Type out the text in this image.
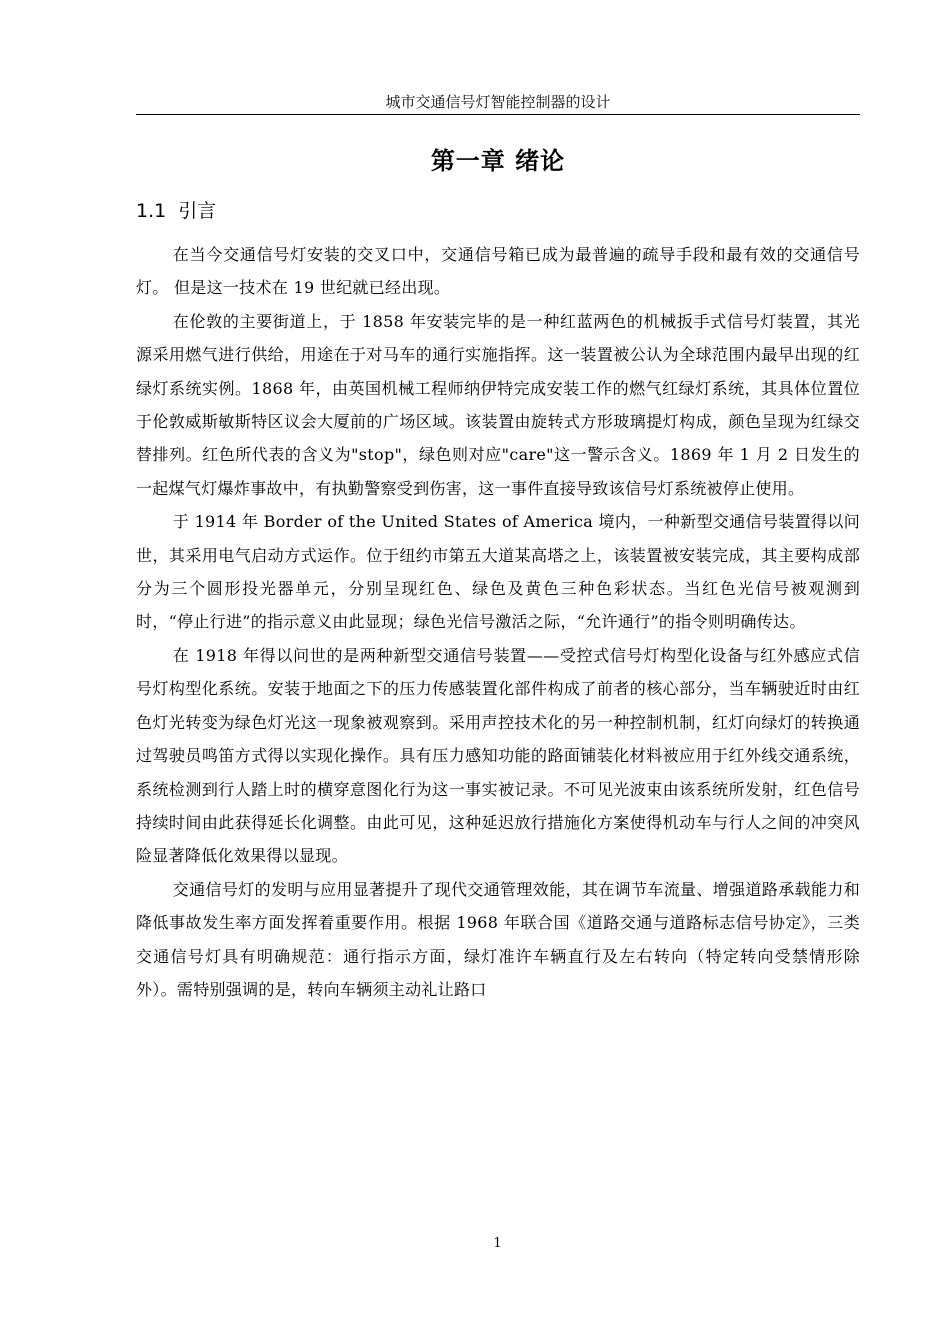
城市交通信号灯智能控制器的设计
第一章 绪论
1.1 引言

在当今交通信号灯安装的交叉口中，交通信号箱已成为最普遍的疏导手段和最有效的交通信号灯。 但是这一技术在 19 世纪就已经出现。

在伦敦的主要街道上，于 1858 年安装完毕的是一种红蓝两色的机械扳手式信号灯装置，其光源采用燃气进行供给，用途在于对马车的通行实施指挥。这一装置被公认为全球范围内最早出现的红绿灯系统实例。1868 年，由英国机械工程师纳伊特完成安装工作的燃气红绿灯系统，其具体位置位于伦敦威斯敏斯特区议会大厦前的广场区域。该装置由旋转式方形玻璃提灯构成，颜色呈现为红绿交替排列。红色所代表的含义为"stop"，绿色则对应"care"这一警示含义。1869 年 1 月 2 日发生的一起煤气灯爆炸事故中，有执勤警察受到伤害，这一事件直接导致该信号灯系统被停止使用。

于 1914 年 Border of the United States of America 境内，一种新型交通信号装置得以问世，其采用电气启动方式运作。位于纽约市第五大道某高塔之上，该装置被安装完成，其主要构成部分为三个圆形投光器单元，分别呈现红色、绿色及黄色三种色彩状态。当红色光信号被观测到时，“停止行进”的指示意义由此显现；绿色光信号激活之际，“允许通行”的指令则明确传达。

在 1918 年得以问世的是两种新型交通信号装置——受控式信号灯构型化设备与红外感应式信号灯构型化系统。安装于地面之下的压力传感装置化部件构成了前者的核心部分，当车辆驶近时由红色灯光转变为绿色灯光这一现象被观察到。采用声控技术化的另一种控制机制，红灯向绿灯的转换通过驾驶员鸣笛方式得以实现化操作。具有压力感知功能的路面铺装化材料被应用于红外线交通系统，系统检测到行人踏上时的横穿意图化行为这一事实被记录。不可见光波束由该系统所发射，红色信号持续时间由此获得延长化调整。由此可见，这种延迟放行措施化方案使得机动车与行人之间的冲突风险显著降低化效果得以显现。

交通信号灯的发明与应用显著提升了现代交通管理效能，其在调节车流量、增强道路承载能力和降低事故发生率方面发挥着重要作用。根据 1968 年联合国《道路交通与道路标志信号协定》，三类交通信号灯具有明确规范：通行指示方面，绿灯准许车辆直行及左右转向（特定转向受禁情形除外）。需特别强调的是，转向车辆须主动礼让路口

1
